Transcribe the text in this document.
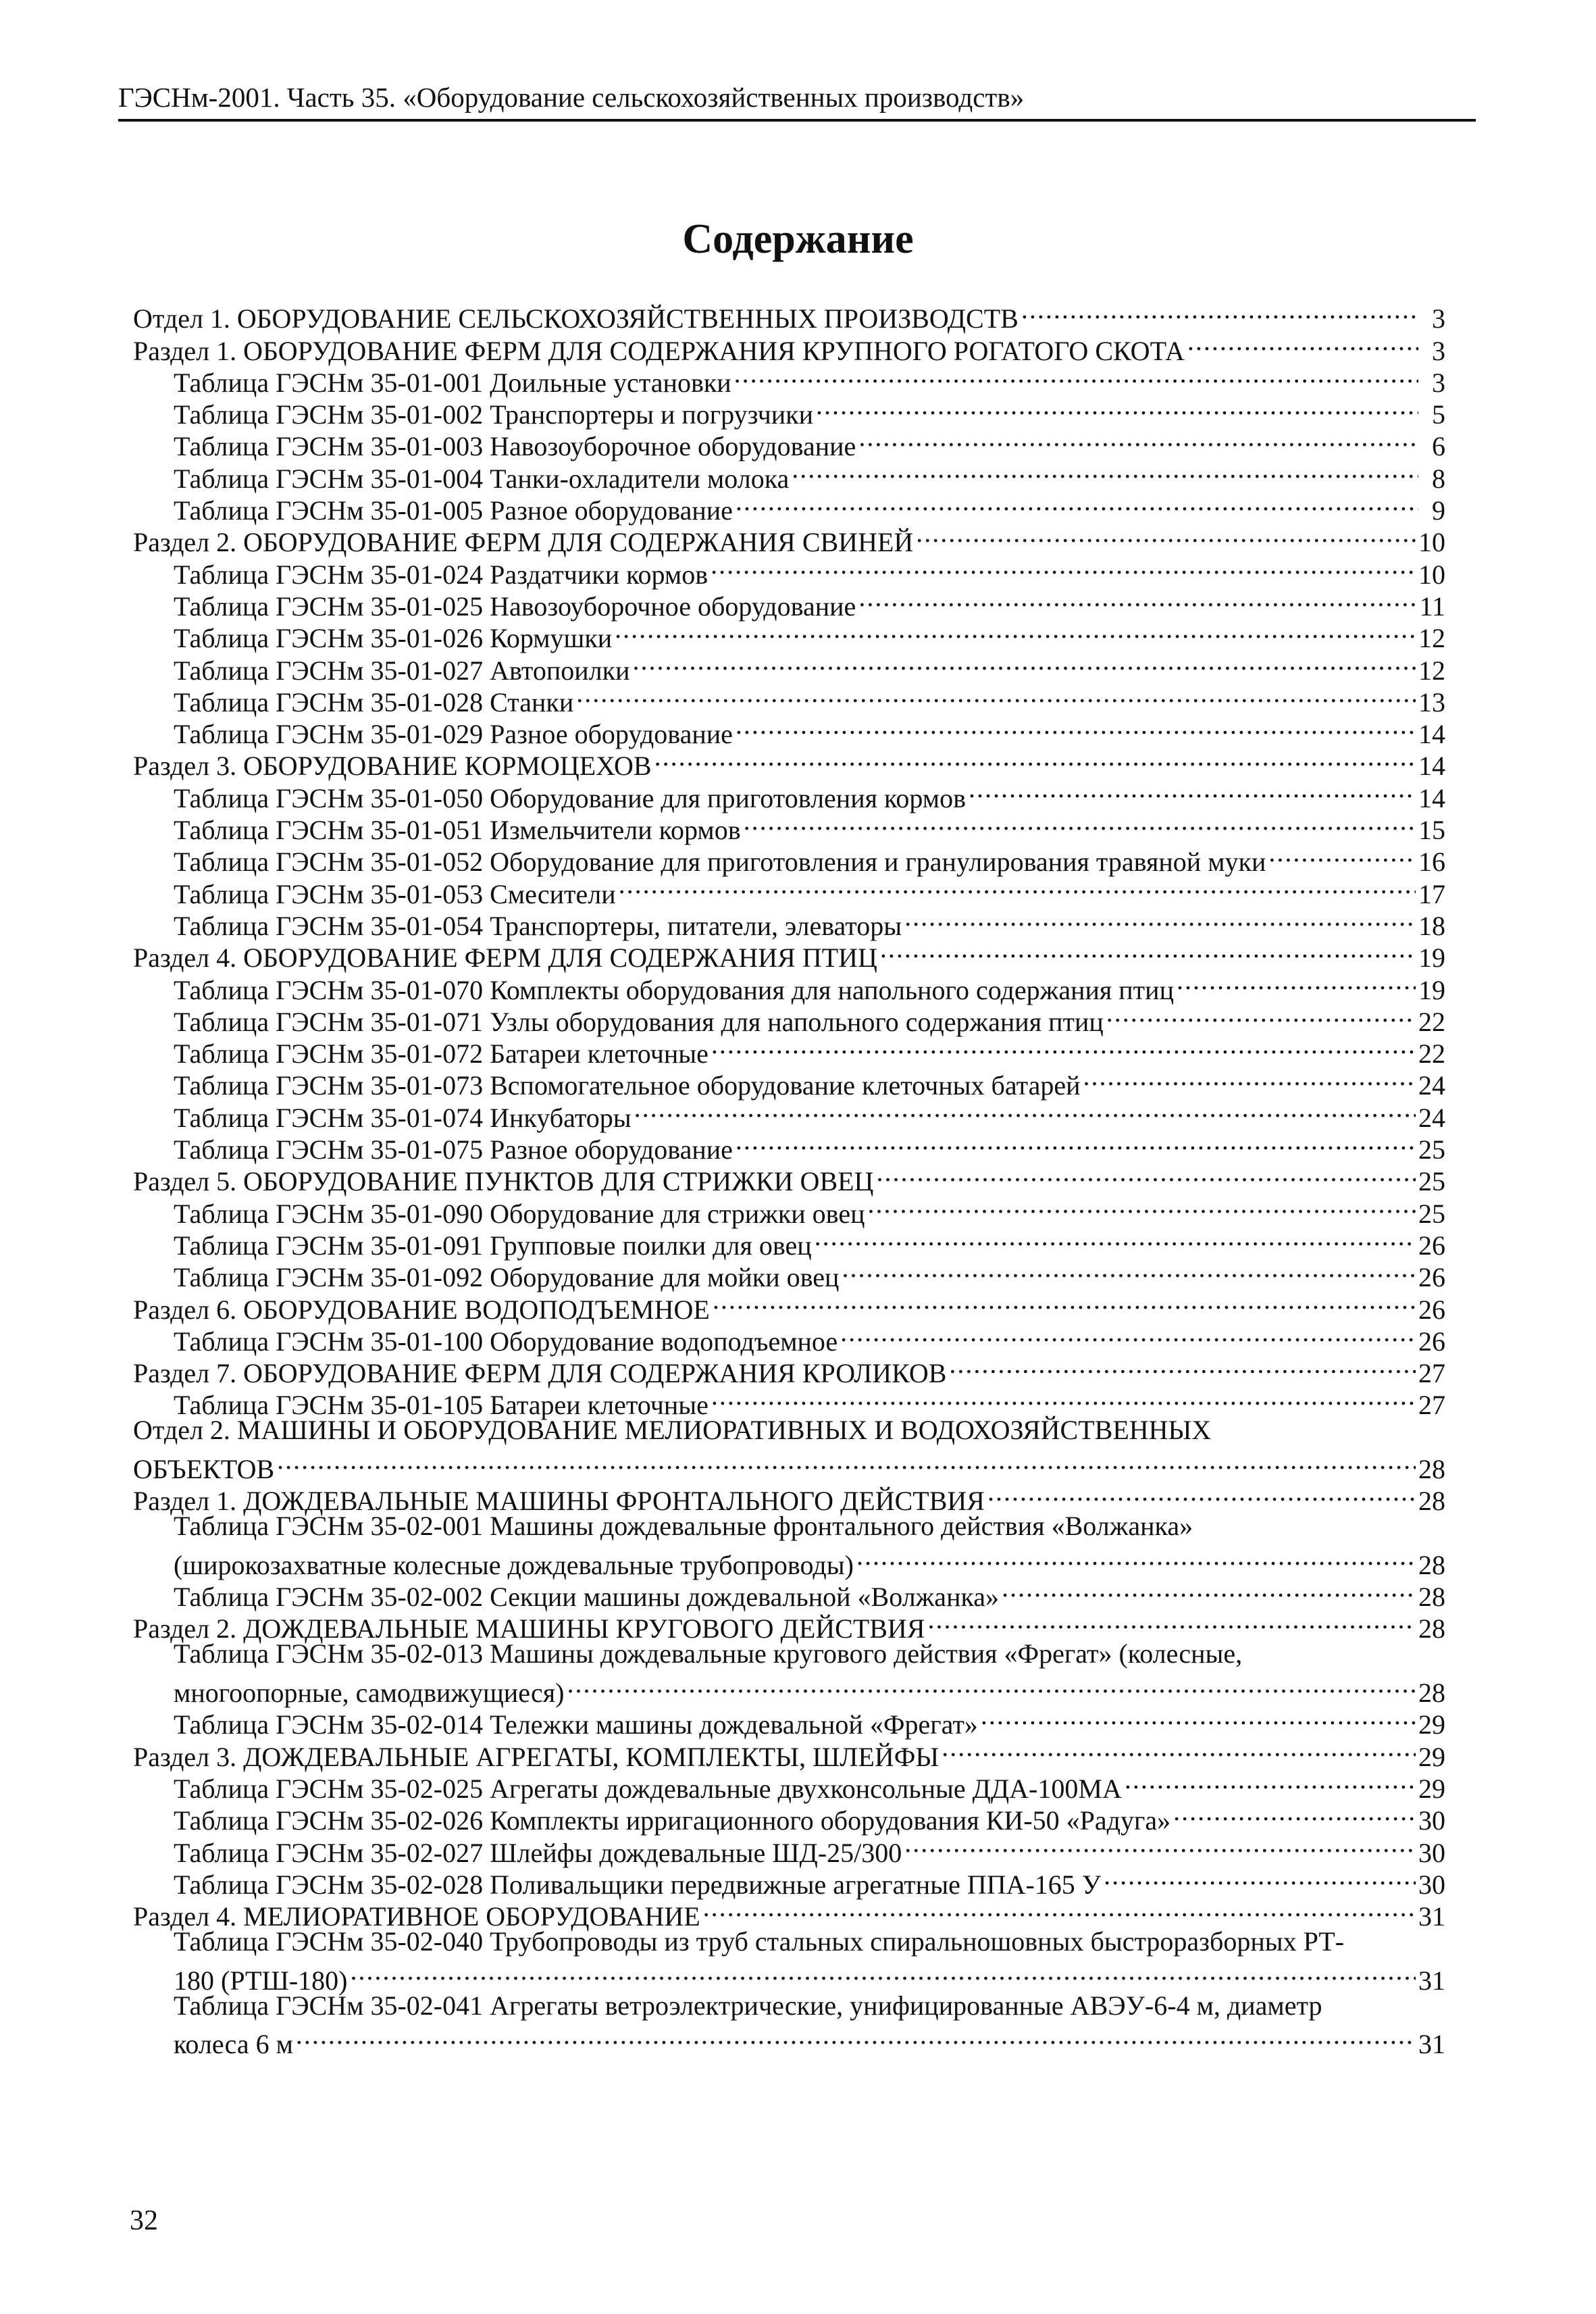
ГЭСНм-2001. Часть 35. «Оборудование сельскохозяйственных производств»
Содержание
Отдел 1. ОБОРУДОВАНИЕ СЕЛЬСКОХОЗЯЙСТВЕННЫХ ПРОИЗВОДСТВ .....	3
Раздел 1. ОБОРУДОВАНИЕ ФЕРМ ДЛЯ СОДЕРЖАНИЯ КРУПНОГО РОГАТОГО СКОТА .....	3
Таблица ГЭСНм 35-01-001 Доильные установки .....	3
Таблица ГЭСНм 35-01-002 Транспортеры и погрузчики .....	5
Таблица ГЭСНм 35-01-003 Навозоуборочное оборудование .....	6
Таблица ГЭСНм 35-01-004 Танки-охладители молока .....	8
Таблица ГЭСНм 35-01-005 Разное оборудование .....	9
Раздел 2. ОБОРУДОВАНИЕ ФЕРМ ДЛЯ СОДЕРЖАНИЯ СВИНЕЙ .....	10
Таблица ГЭСНм 35-01-024 Раздатчики кормов .....	10
Таблица ГЭСНм 35-01-025 Навозоуборочное оборудование .....	11
Таблица ГЭСНм 35-01-026 Кормушки .....	12
Таблица ГЭСНм 35-01-027 Автопоилки .....	12
Таблица ГЭСНм 35-01-028 Станки .....	13
Таблица ГЭСНм 35-01-029 Разное оборудование .....	14
Раздел 3. ОБОРУДОВАНИЕ КОРМОЦЕХОВ .....	14
Таблица ГЭСНм 35-01-050 Оборудование для приготовления кормов .....	14
Таблица ГЭСНм 35-01-051 Измельчители кормов .....	15
Таблица ГЭСНм 35-01-052 Оборудование для приготовления и гранулирования травяной муки .....	16
Таблица ГЭСНм 35-01-053 Смесители .....	17
Таблица ГЭСНм 35-01-054 Транспортеры, питатели, элеваторы .....	18
Раздел 4. ОБОРУДОВАНИЕ ФЕРМ ДЛЯ СОДЕРЖАНИЯ ПТИЦ .....	19
Таблица ГЭСНм 35-01-070 Комплекты оборудования для напольного содержания птиц .....	19
Таблица ГЭСНм 35-01-071 Узлы оборудования для напольного содержания птиц .....	22
Таблица ГЭСНм 35-01-072 Батареи клеточные .....	22
Таблица ГЭСНм 35-01-073 Вспомогательное оборудование клеточных батарей .....	24
Таблица ГЭСНм 35-01-074 Инкубаторы .....	24
Таблица ГЭСНм 35-01-075 Разное оборудование .....	25
Раздел 5. ОБОРУДОВАНИЕ ПУНКТОВ ДЛЯ СТРИЖКИ ОВЕЦ .....	25
Таблица ГЭСНм 35-01-090 Оборудование для стрижки овец .....	25
Таблица ГЭСНм 35-01-091 Групповые поилки для овец .....	26
Таблица ГЭСНм 35-01-092 Оборудование для мойки овец .....	26
Раздел 6. ОБОРУДОВАНИЕ ВОДОПОДЪЕМНОЕ .....	26
Таблица ГЭСНм 35-01-100 Оборудование водоподъемное .....	26
Раздел 7. ОБОРУДОВАНИЕ ФЕРМ ДЛЯ СОДЕРЖАНИЯ КРОЛИКОВ .....	27
Таблица ГЭСНм 35-01-105 Батареи клеточные .....	27
Отдел 2. МАШИНЫ И ОБОРУДОВАНИЕ МЕЛИОРАТИВНЫХ И ВОДОХОЗЯЙСТВЕННЫХ
ОБЪЕКТОВ .....	28
Раздел 1. ДОЖДЕВАЛЬНЫЕ МАШИНЫ ФРОНТАЛЬНОГО ДЕЙСТВИЯ .....	28
Таблица ГЭСНм 35-02-001 Машины дождевальные фронтального действия «Волжанка»
(широкозахватные колесные дождевальные трубопроводы) .....	28
Таблица ГЭСНм 35-02-002 Секции машины дождевальной «Волжанка» .....	28
Раздел 2. ДОЖДЕВАЛЬНЫЕ МАШИНЫ КРУГОВОГО ДЕЙСТВИЯ .....	28
Таблица ГЭСНм 35-02-013 Машины дождевальные кругового действия «Фрегат» (колесные,
многоопорные, самодвижущиеся) .....	28
Таблица ГЭСНм 35-02-014 Тележки машины дождевальной «Фрегат» .....	29
Раздел 3. ДОЖДЕВАЛЬНЫЕ АГРЕГАТЫ, КОМПЛЕКТЫ, ШЛЕЙФЫ .....	29
Таблица ГЭСНм 35-02-025 Агрегаты дождевальные двухконсольные ДДА-100МА .....	29
Таблица ГЭСНм 35-02-026 Комплекты ирригационного оборудования КИ-50 «Радуга» .....	30
Таблица ГЭСНм 35-02-027 Шлейфы дождевальные ШД-25/300 .....	30
Таблица ГЭСНм 35-02-028 Поливальщики передвижные агрегатные ППА-165 У .....	30
Раздел 4. МЕЛИОРАТИВНОЕ ОБОРУДОВАНИЕ .....	31
Таблица ГЭСНм 35-02-040 Трубопроводы из труб стальных спиральношовных быстроразборных РТ-
180 (РТШ-180) .....	31
Таблица ГЭСНм 35-02-041 Агрегаты ветроэлектрические, унифицированные АВЭУ-6-4 м, диаметр
колеса 6 м .....	31
32
